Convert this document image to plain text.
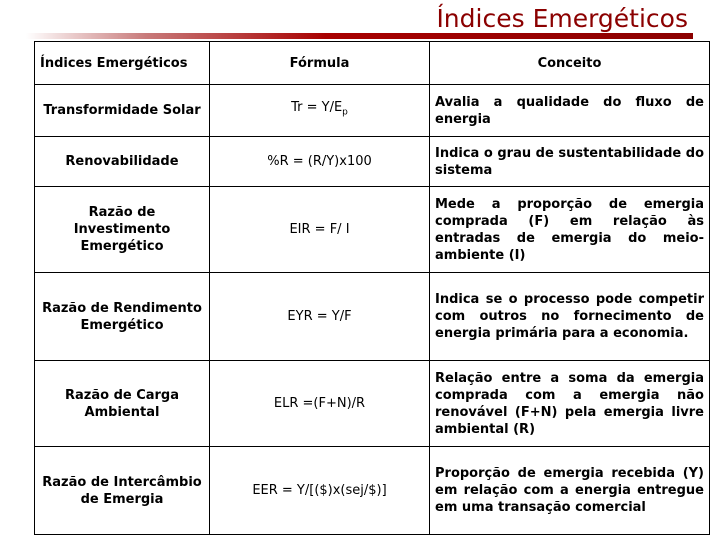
Índices Emergéticos
Índices Emergéticos	Fórmula	Conceito
Transformidade Solar	$Tr = Y/E_p$	Avalia a qualidade do fluxo de energia
Renovabilidade	%R = (R/Y)x100	Indica o grau de sustentabilidade do sistema
Razão de Investimento Emergético	EIR = F/ I	Mede a proporção de emergia comprada (F) em relação às entradas de emergia do meio-ambiente (I)
Razão de Rendimento Emergético	EYR = Y/F	Indica se o processo pode competir com outros no fornecimento de energia primária para a economia.
Razão de Carga Ambiental	ELR =(F+N)/R	Relação entre a soma da emergia comprada com a emergia não renovável (F+N) pela emergia livre ambiental (R)
Razão de Intercâmbio de Emergia	EER = Y/[($)x(sej/$)]	Proporção de emergia recebida (Y) em relação com a energia entregue em uma transação comercial
